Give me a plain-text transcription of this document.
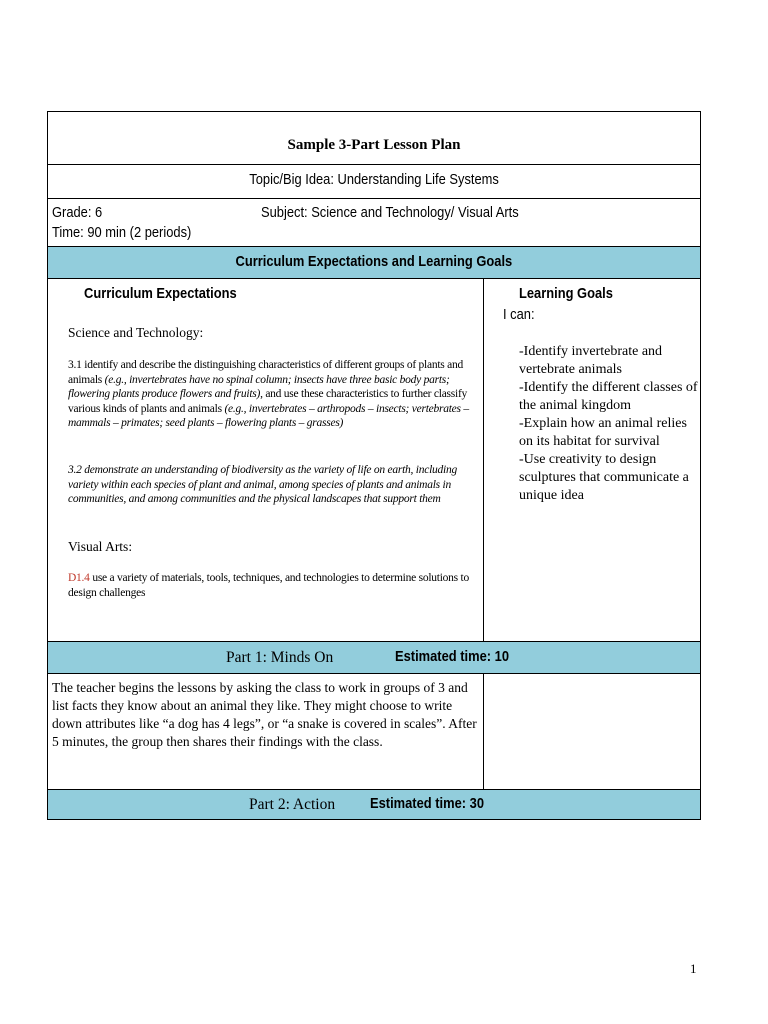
Sample 3-Part Lesson Plan
Topic/Big Idea: Understanding Life Systems
Grade: 6	Subject: Science and Technology/ Visual Arts
Time: 90 min (2 periods)
Curriculum Expectations and Learning Goals
Curriculum Expectations
Science and Technology:
3.1 identify and describe the distinguishing characteristics of different groups of plants and animals (e.g., invertebrates have no spinal column; insects have three basic body parts; flowering plants produce flowers and fruits), and use these characteristics to further classify various kinds of plants and animals (e.g., invertebrates – arthropods – insects; vertebrates – mammals – primates; seed plants – flowering plants – grasses)
3.2 demonstrate an understanding of biodiversity as the variety of life on earth, including variety within each species of plant and animal, among species of plants and animals in communities, and among communities and the physical landscapes that support them
Visual Arts:
D1.4 use a variety of materials, tools, techniques, and technologies to determine solutions to design challenges
Learning Goals
I can:
-Identify invertebrate and vertebrate animals
-Identify the different classes of the animal kingdom
-Explain how an animal relies on its habitat for survival
-Use creativity to design sculptures that communicate a unique idea
Part 1: Minds On	Estimated time: 10
The teacher begins the lessons by asking the class to work in groups of 3 and list facts they know about an animal they like. They might choose to write down attributes like “a dog has 4 legs”, or “a snake is covered in scales”. After 5 minutes, the group then shares their findings with the class.
Part 2: Action Estimated time: 30
1
